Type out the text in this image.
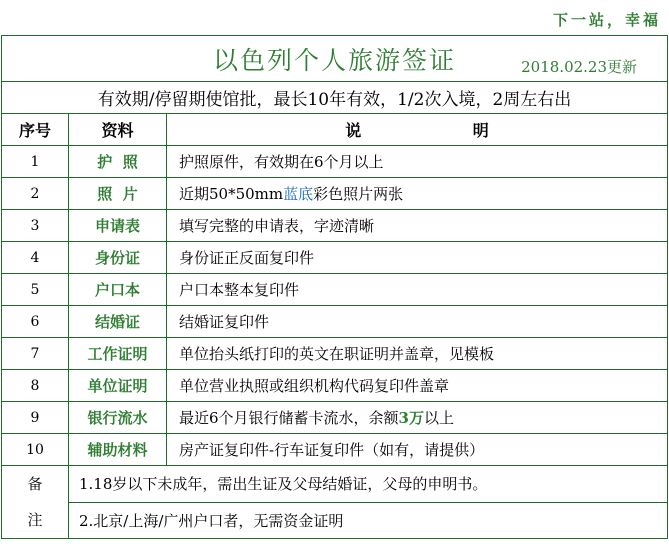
下一站，幸福
以色列个人旅游签证 2018.02.23更新		

有效期/停留期使馆批，最长10年有效，1/2次入境，2周左右出		
序号	资料	说                    明
1	护  照	护照原件，有效期在6个月以上
2	照  片	近期50*50mm蓝底彩色照片两张
3	申请表	填写完整的申请表，字迹清晰
4	身份证	身份证正反面复印件
5	户口本	户口本整本复印件
6	结婚证	结婚证复印件
7	工作证明	单位抬头纸打印的英文在职证明并盖章，见模板
8	单位证明	单位营业执照或组织机构代码复印件盖章
9	银行流水	最近6个月银行储蓄卡流水，余额3万以上
10	辅助材料	房产证复印件-行车证复印件（如有，请提供）

备
注	1.18岁以下未成年，需出生证及父母结婚证，父母的申明书。	
	2.北京/上海/广州户口者，无需资金证明	
